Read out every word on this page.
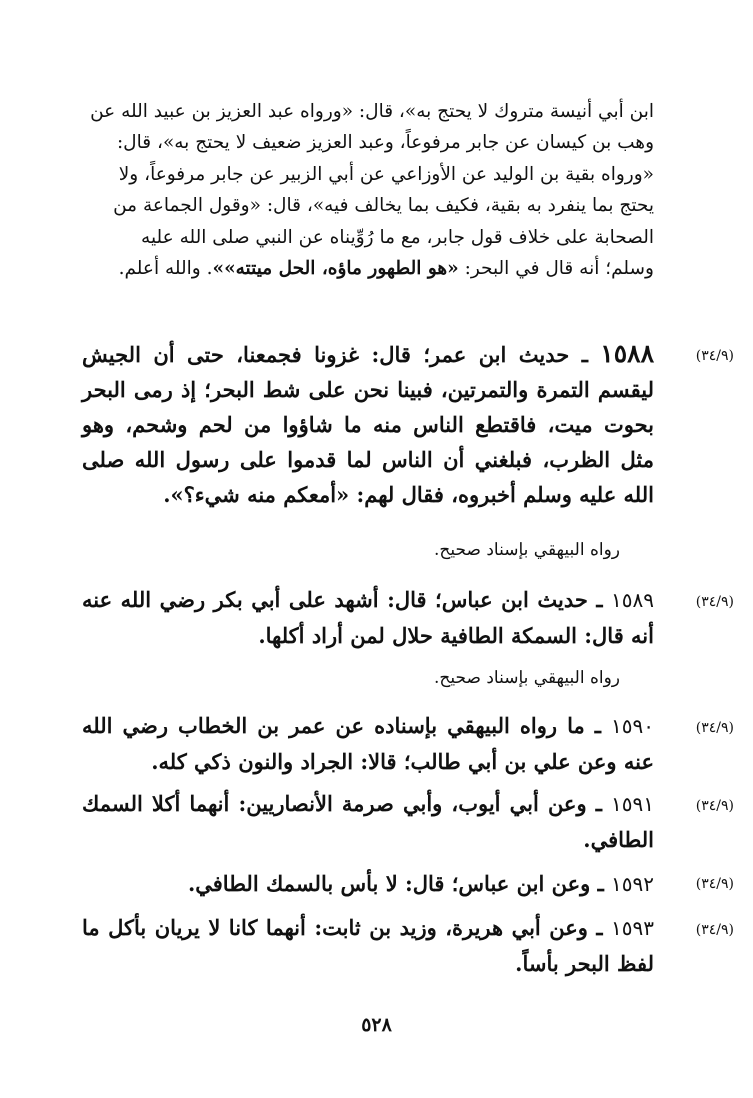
ابن أبي أنيسة متروك لا يحتج به»، قال: «ورواه عبد العزيز بن عبيد الله عن

وهب بن كيسان عن جابر مرفوعاً، وعبد العزيز ضعيف لا يحتج به»، قال:

«ورواه بقية بن الوليد عن الأوزاعي عن أبي الزبير عن جابر مرفوعاً، ولا

يحتج بما ينفرد به بقية، فكيف بما يخالف فيه»، قال: «وقول الجماعة من

الصحابة على خلاف قول جابر، مع ما رُوِّيناه عن النبي صلى الله عليه

وسلم؛ أنه قال في البحر: «هو الطهور ماؤه، الحل ميتته»». والله أعلم.

(٣٤/٩)

١٥٨٨ ـ حديث ابن عمر؛ قال: غزونا فجمعنا، حتى أن الجيش ليقسم التمرة والتمرتين، فبينا نحن على شط البحر؛ إذ رمى البحر بحوت ميت، فاقتطع الناس منه ما شاؤوا من لحم وشحم، وهو مثل الظرب، فبلغني أن الناس لما قدموا على رسول الله صلى الله عليه وسلم أخبروه، فقال لهم: «أمعكم منه شيء؟».

رواه البيهقي بإسناد صحيح.
(٣٤/٩)

١٥٨٩ ـ حديث ابن عباس؛ قال: أشهد على أبي بكر رضي الله عنه أنه قال: السمكة الطافية حلال لمن أراد أكلها.

رواه البيهقي بإسناد صحيح.
(٣٤/٩)

١٥٩٠ ـ ما رواه البيهقي بإسناده عن عمر بن الخطاب رضي الله عنه وعن علي بن أبي طالب؛ قالا: الجراد والنون ذكي كله.

(٣٤/٩)

١٥٩١ ـ وعن أبي أيوب، وأبي صرمة الأنصاريين: أنهما أكلا السمك الطافي.

(٣٤/٩)

١٥٩٢ ـ وعن ابن عباس؛ قال: لا بأس بالسمك الطافي.

(٣٤/٩)

١٥٩٣ ـ وعن أبي هريرة، وزيد بن ثابت: أنهما كانا لا يريان بأكل ما لفظ البحر بأساً.

٥٢٨
